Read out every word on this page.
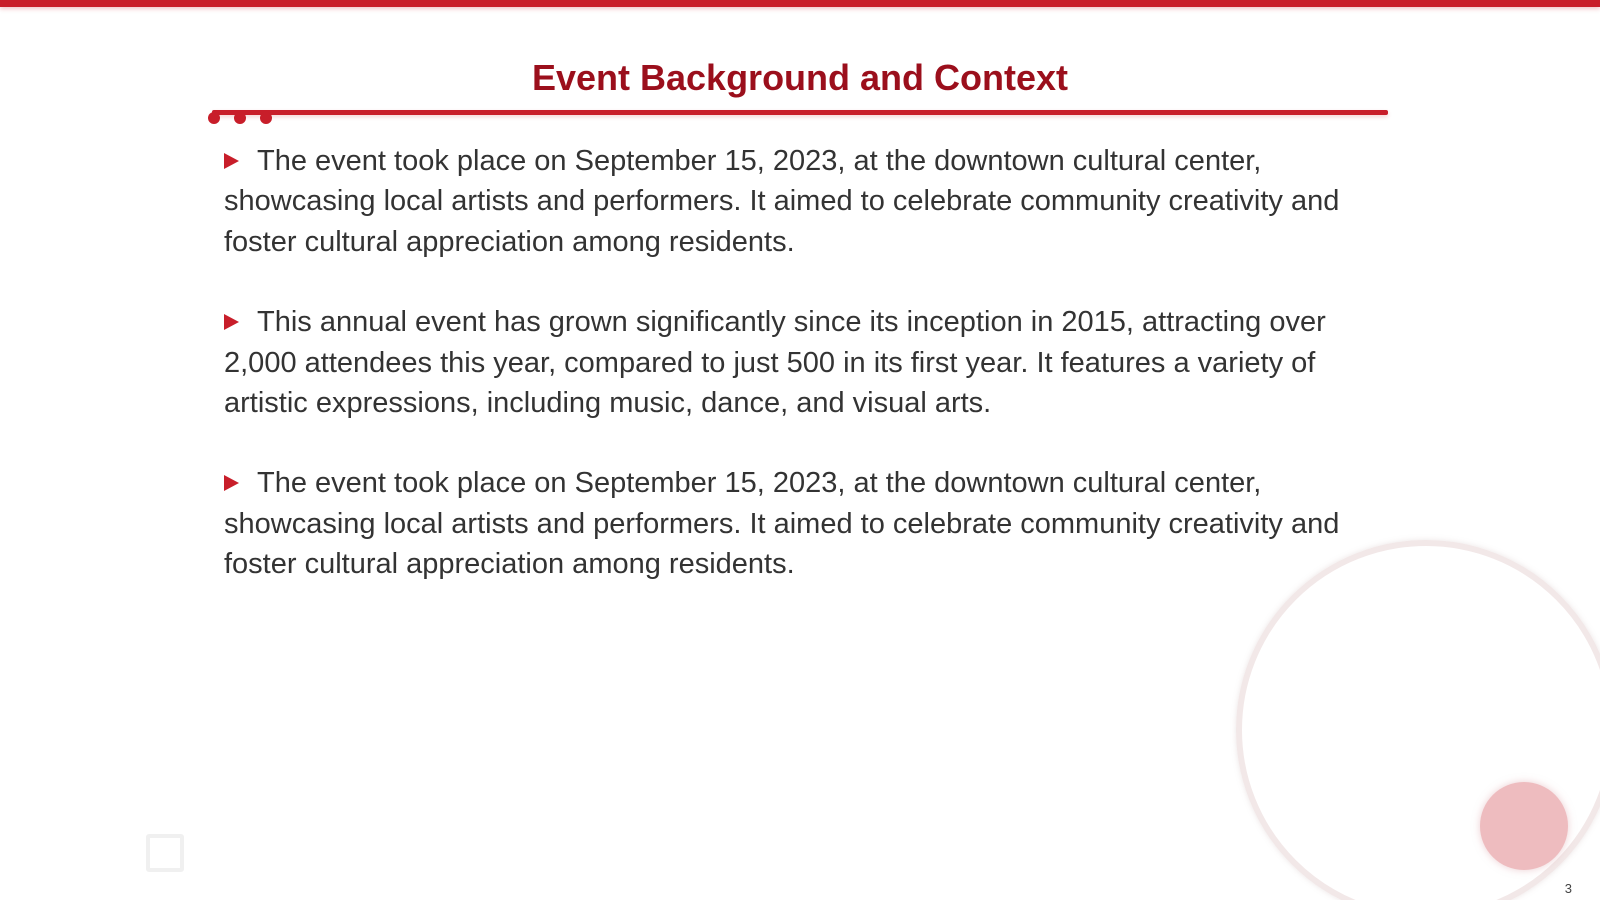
Event Background and Context

The event took place on September 15, 2023, at the downtown cultural center, showcasing local artists and performers. It aimed to celebrate community creativity and foster cultural appreciation among residents.

This annual event has grown significantly since its inception in 2015, attracting over 2,000 attendees this year, compared to just 500 in its first year. It features a variety of artistic expressions, including music, dance, and visual arts.

The event took place on September 15, 2023, at the downtown cultural center, showcasing local artists and performers. It aimed to celebrate community creativity and foster cultural appreciation among residents.

3
